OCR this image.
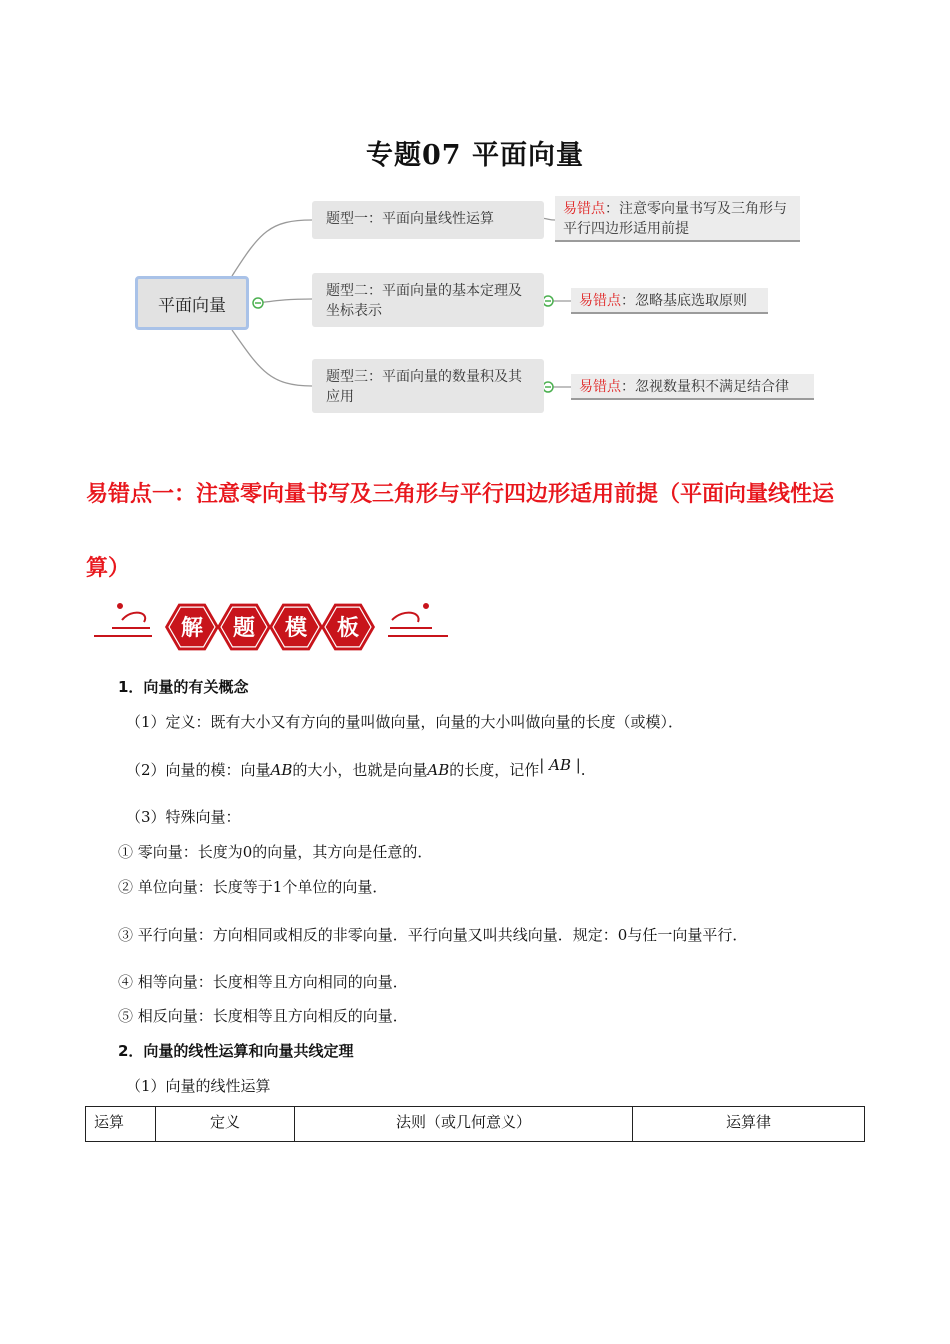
专题07 平面向量
平面向量
题型一：平面向量线性运算
题型二：平面向量的基本定理及坐标表示
题型三：平面向量的数量积及其应用
易错点：注意零向量书写及三角形与平行四边形适用前提
易错点：忽略基底选取原则
易错点：忽视数量积不满足结合律
易错点一：注意零向量书写及三角形与平行四边形适用前提（平面向量线性运算）
解 题 模 板
1．向量的有关概念
（1）定义：既有大小又有方向的量叫做向量，向量的大小叫做向量的长度（或模）．
（2）向量的模：向量AB的大小，也就是向量AB的长度，记作| AB |.
（3）特殊向量：
① 零向量：长度为0的向量，其方向是任意的．
② 单位向量：长度等于1个单位的向量．
③ 平行向量：方向相同或相反的非零向量．平行向量又叫共线向量．规定：0与任一向量平行．
④ 相等向量：长度相等且方向相同的向量．
⑤ 相反向量：长度相等且方向相反的向量．
2．向量的线性运算和向量共线定理
（1）向量的线性运算
运算	定义	法则（或几何意义）	运算律
